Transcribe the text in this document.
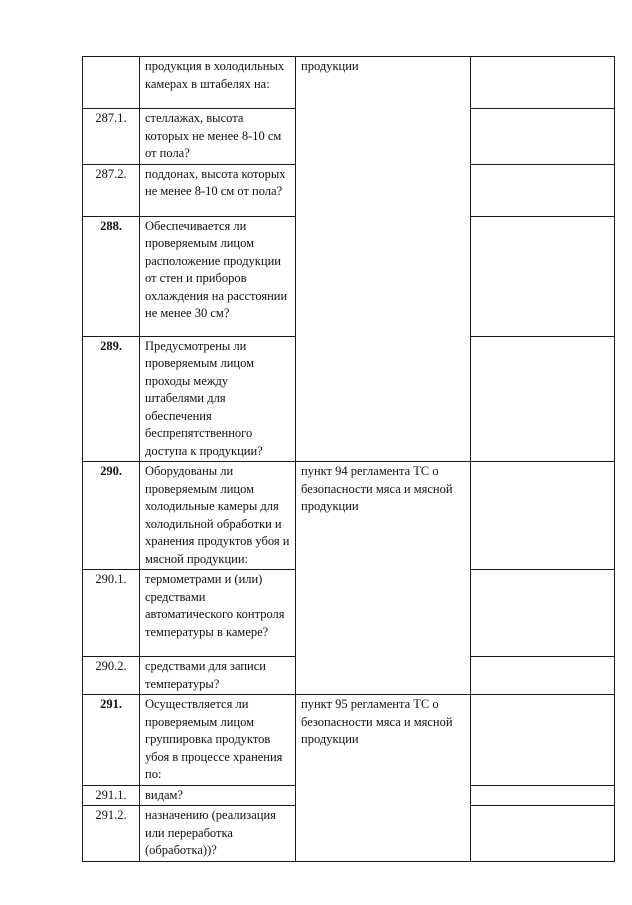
	продукция в холодильных камерах в штабелях на:	продукции	
287.1.	стеллажах, высота которых не менее 8-10 см от пола?		
287.2.	поддонах, высота которых не менее 8-10 см от пола?		
288.	Обеспечивается ли проверяемым лицом расположение продукции от стен и приборов охлаждения на расстоянии не менее 30 см?		
289.	Предусмотрены ли проверяемым лицом проходы между штабелями для обеспечения беспрепятственного доступа к продукции?		
290.	Оборудованы ли проверяемым лицом холодильные камеры для холодильной обработки и хранения продуктов убоя и мясной продукции:	пункт 94 регламента ТС о безопасности мяса и мясной продукции	
290.1.	термометрами и (или) средствами автоматического контроля температуры в камере?		
290.2.	средствами для записи температуры?		
291.	Осуществляется ли проверяемым лицом группировка продуктов убоя в процессе хранения по:	пункт 95 регламента ТС о безопасности мяса и мясной продукции	
291.1.	видам?		
291.2.	назначению (реализация или переработка (обработка))?		
